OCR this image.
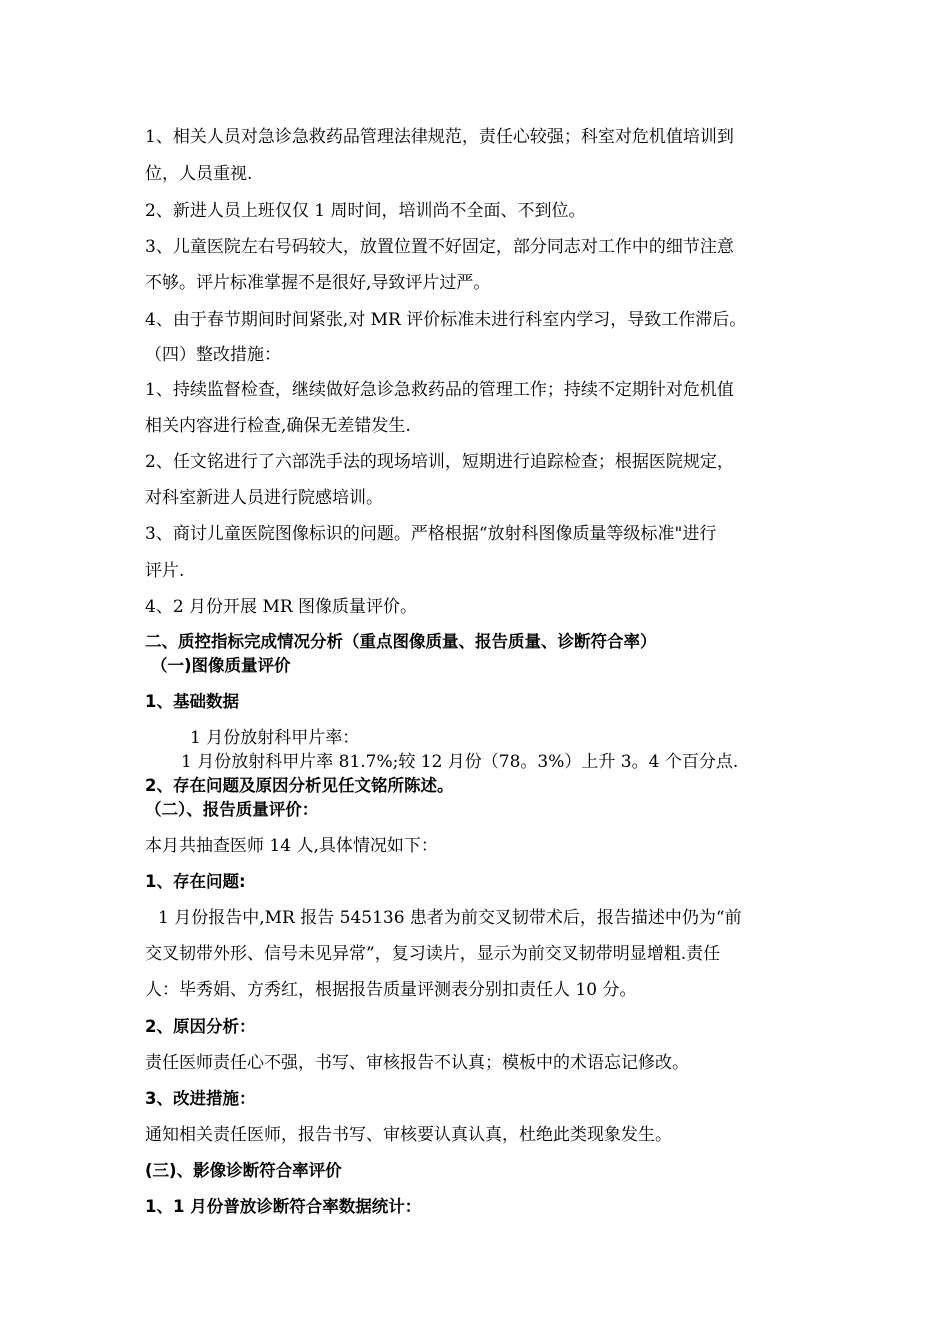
1、相关人员对急诊急救药品管理法律规范，责任心较强；科室对危机值培训到
位，人员重视.
2、新进人员上班仅仅 1 周时间，培训尚不全面、不到位。
3、儿童医院左右号码较大，放置位置不好固定，部分同志对工作中的细节注意
不够。评片标准掌握不是很好,导致评片过严。
4、由于春节期间时间紧张,对 MR 评价标准未进行科室内学习，导致工作滞后。
（四）整改措施：
1、持续监督检查，继续做好急诊急救药品的管理工作；持续不定期针对危机值
相关内容进行检查,确保无差错发生.
2、任文铭进行了六部洗手法的现场培训，短期进行追踪检查；根据医院规定，
对科室新进人员进行院感培训。
3、商讨儿童医院图像标识的问题。严格根据“放射科图像质量等级标准"进行
评片.
4、2 月份开展 MR 图像质量评价。
二、质控指标完成情况分析（重点图像质量、报告质量、诊断符合率）
（一)图像质量评价
1、基础数据
1 月份放射科甲片率：
1 月份放射科甲片率 81.7%;较 12 月份（78。3%）上升 3。4 个百分点.
2、存在问题及原因分析见任文铭所陈述。
（二）、报告质量评价：
本月共抽查医师 14 人,具体情况如下：
1、存在问题:
1 月份报告中,MR 报告 545136 患者为前交叉韧带术后，报告描述中仍为“前
交叉韧带外形、信号未见异常”，复习读片，显示为前交叉韧带明显增粗.责任
人：毕秀娟、方秀红，根据报告质量评测表分别扣责任人 10 分。
2、原因分析：
责任医师责任心不强，书写、审核报告不认真；模板中的术语忘记修改。
3、改进措施：
通知相关责任医师，报告书写、审核要认真认真，杜绝此类现象发生。
(三)、影像诊断符合率评价
1、1 月份普放诊断符合率数据统计：
